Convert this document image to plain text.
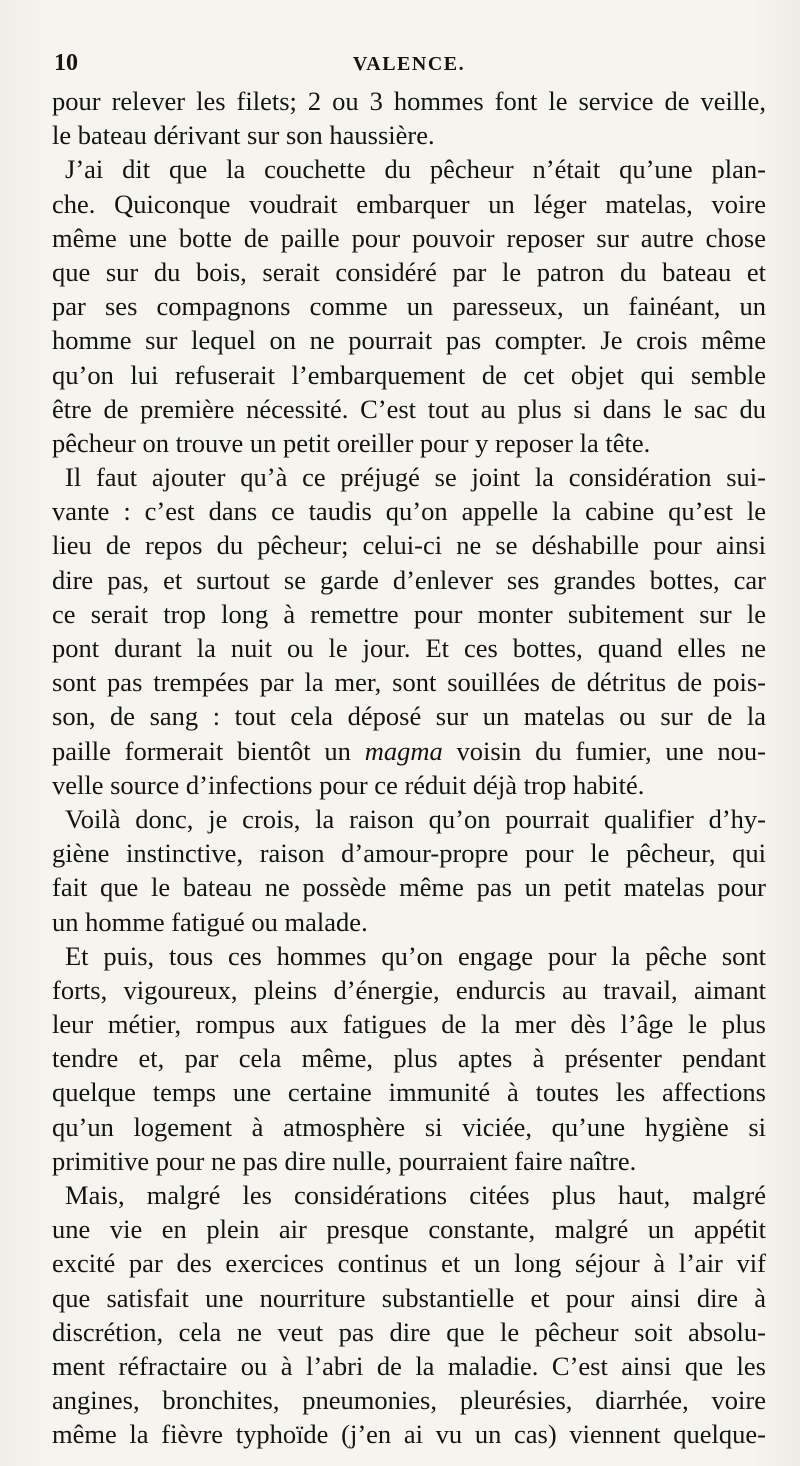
10	VALENCE.
pour relever les filets; 2 ou 3 hommes font le service de veille,
le bateau dérivant sur son haussière.
J’ai dit que la couchette du pêcheur n’était qu’une plan-
che. Quiconque voudrait embarquer un léger matelas, voire
même une botte de paille pour pouvoir reposer sur autre chose
que sur du bois, serait considéré par le patron du bateau et
par ses compagnons comme un paresseux, un fainéant, un
homme sur lequel on ne pourrait pas compter. Je crois même
qu’on lui refuserait l’embarquement de cet objet qui semble
être de première nécessité. C’est tout au plus si dans le sac du
pêcheur on trouve un petit oreiller pour y reposer la tête.
Il faut ajouter qu’à ce préjugé se joint la considération sui-
vante : c’est dans ce taudis qu’on appelle la cabine qu’est le
lieu de repos du pêcheur; celui-ci ne se déshabille pour ainsi
dire pas, et surtout se garde d’enlever ses grandes bottes, car
ce serait trop long à remettre pour monter subitement sur le
pont durant la nuit ou le jour. Et ces bottes, quand elles ne
sont pas trempées par la mer, sont souillées de détritus de pois-
son, de sang : tout cela déposé sur un matelas ou sur de la
paille formerait bientôt un magma voisin du fumier, une nou-
velle source d’infections pour ce réduit déjà trop habité.
Voilà donc, je crois, la raison qu’on pourrait qualifier d’hy-
giène instinctive, raison d’amour-propre pour le pêcheur, qui
fait que le bateau ne possède même pas un petit matelas pour
un homme fatigué ou malade.
Et puis, tous ces hommes qu’on engage pour la pêche sont
forts, vigoureux, pleins d’énergie, endurcis au travail, aimant
leur métier, rompus aux fatigues de la mer dès l’âge le plus
tendre et, par cela même, plus aptes à présenter pendant
quelque temps une certaine immunité à toutes les affections
qu’un logement à atmosphère si viciée, qu’une hygiène si
primitive pour ne pas dire nulle, pourraient faire naître.
Mais, malgré les considérations citées plus haut, malgré
une vie en plein air presque constante, malgré un appétit
excité par des exercices continus et un long séjour à l’air vif
que satisfait une nourriture substantielle et pour ainsi dire à
discrétion, cela ne veut pas dire que le pêcheur soit absolu-
ment réfractaire ou à l’abri de la maladie. C’est ainsi que les
angines, bronchites, pneumonies, pleurésies, diarrhée, voire
même la fièvre typhoïde (j’en ai vu un cas) viennent quelque-
